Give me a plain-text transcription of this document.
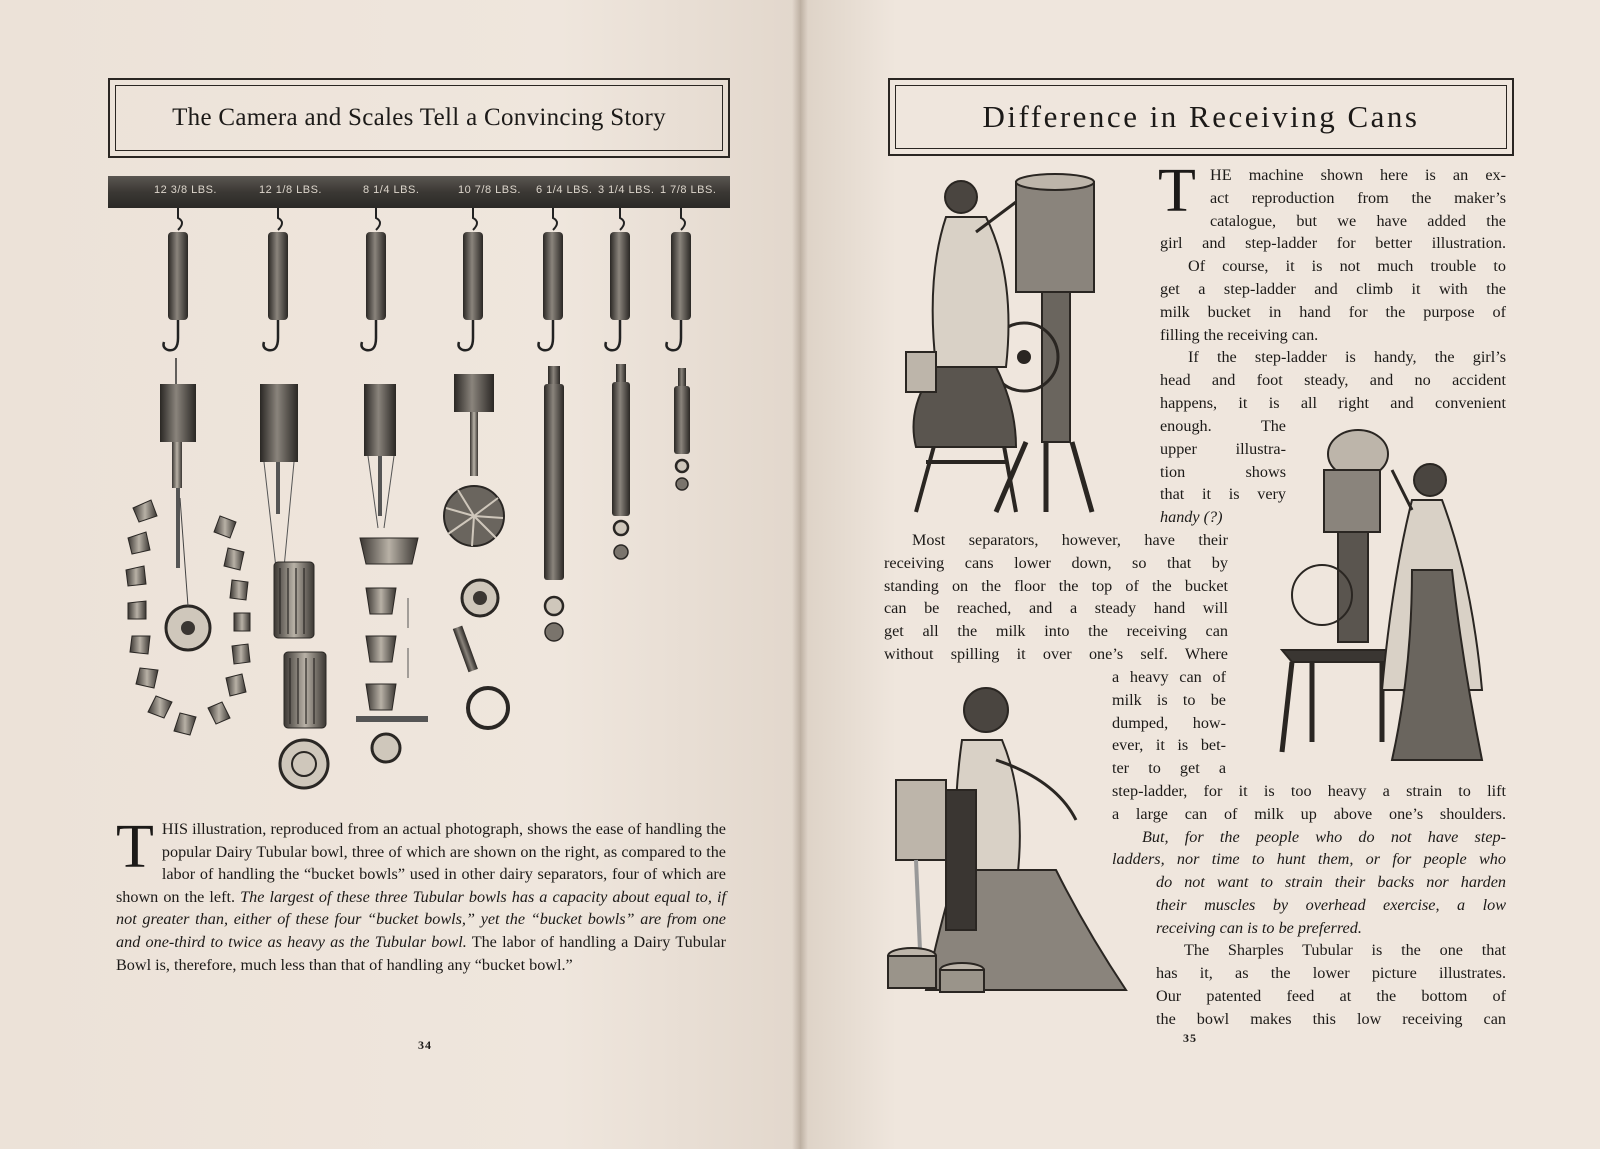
The Camera and Scales Tell a Convincing Story
12 3/8 LBS.	12 1/8 LBS.	8 1/4 LBS.	10 7/8 LBS. 6 1/4 LBS. 3 1/4 LBS. 1 7/8 LBS.

THIS illustration, reproduced from an actual photograph, shows the ease of handling the popular Dairy Tubular bowl, three of which are shown on the right, as compared to the labor of handling the “bucket bowls” used in other dairy separators, four of which are shown on the left. The largest of these three Tubular bowls has a capacity about equal to, if not greater than, either of these four “bucket bowls,” yet the “bucket bowls” are from one and one-third to twice as heavy as the Tubular bowl. The labor of handling a Dairy Tubular Bowl is, therefore, much less than that of handling any “bucket bowl.”

34
Difference in Receiving Cans
T HE machine shown here is an ex-
act reproduction from the maker’s
catalogue, but we have added the
girl and step-ladder for better illustration.
Of course, it is not much trouble to
get a step-ladder and climb it with the
milk bucket in hand for the purpose of
filling the receiving can.
If the step-ladder is handy, the girl’s
head and foot steady, and no accident
happens, it is all right and convenient
enough. The
upper illustra-
tion shows
that it is very
handy (?)
Most separators, however, have their
receiving cans lower down, so that by
standing on the floor the top of the bucket
can be reached, and a steady hand will
get all the milk into the receiving can
without spilling it over one’s self. Where
a heavy can of
milk is to be
dumped, how-
ever, it is bet-
ter to get a
step-ladder, for it is too heavy a strain to lift
a large can of milk up above one’s shoulders.
But, for the people who do not have step-
ladders, nor time to hunt them, or for people who
do not want to strain their backs nor harden
their muscles by overhead exercise, a low
receiving can is to be preferred.
The Sharples Tubular is the one that
has it, as the lower picture illustrates.
Our patented feed at the bottom of
the bowl makes this low receiving can
35
